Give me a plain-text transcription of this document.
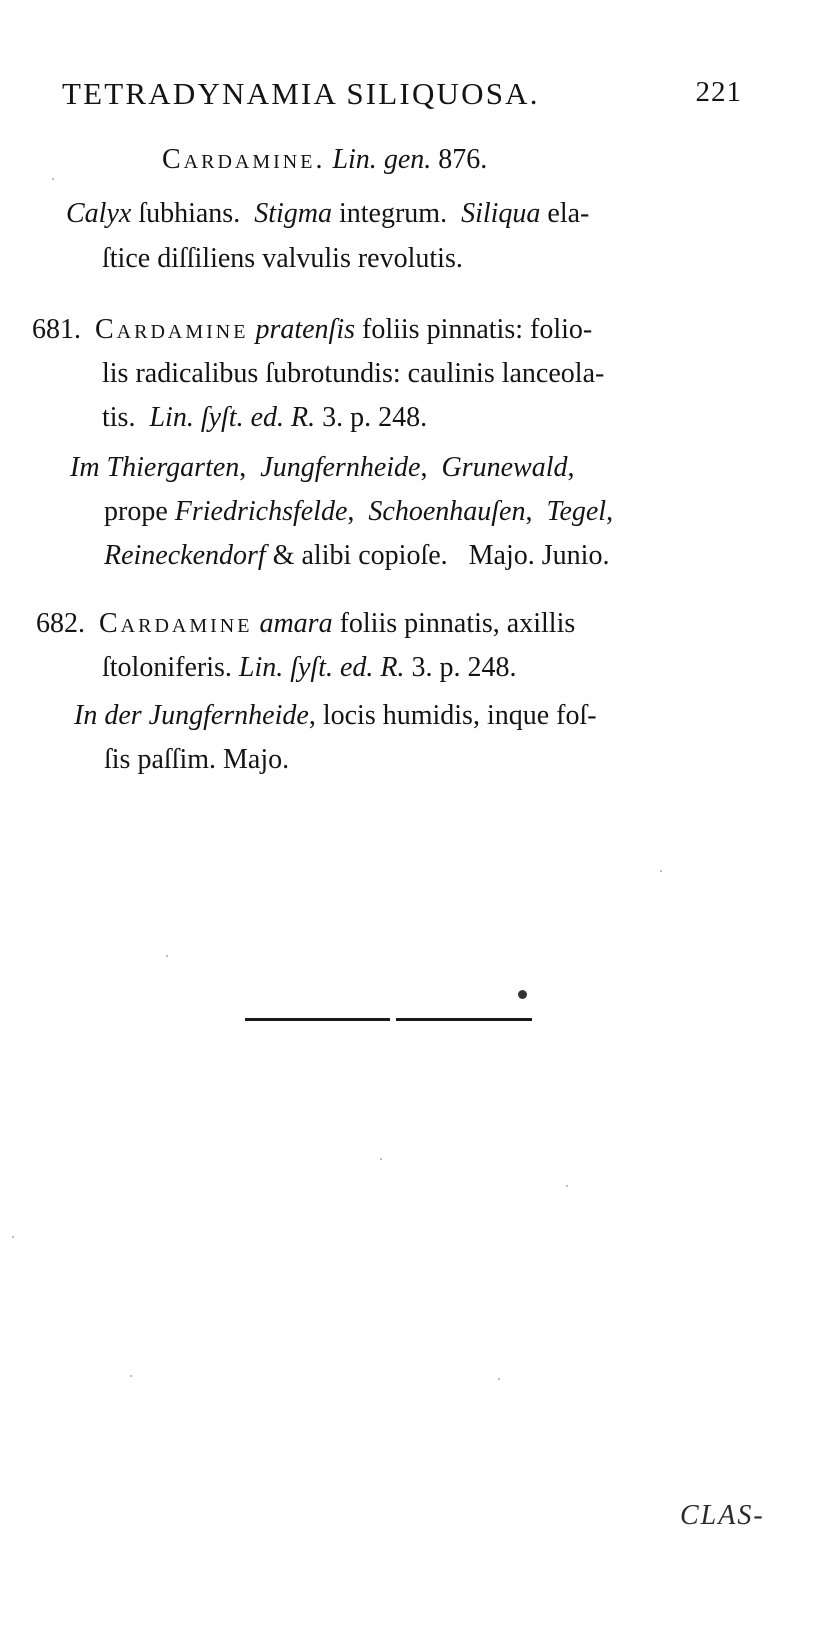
TETRADYNAMIA SILIQUOSA.	221
Cardamine. Lin. gen. 876.
Calyx ſubhians. Stigma integrum. Siliqua ela-
ſtice diſſiliens valvulis revolutis.
681. Cardamine pratenſis foliis pinnatis: folio-
lis radicalibus ſubrotundis: caulinis lanceola-
tis. Lin. ſyſt. ed. R. 3. p. 248.
Im Thiergarten, Jungfernheide, Grunewald,
prope Friedrichsfelde, Schoenhauſen, Tegel,
Reineckendorf & alibi copioſe.   Majo. Junio.
682. Cardamine amara foliis pinnatis, axillis
ſtoloniferis. Lin. ſyſt. ed. R. 3. p. 248.
In der Jungfernheide, locis humidis, inque foſ-
ſis paſſim. Majo.
CLAS-
